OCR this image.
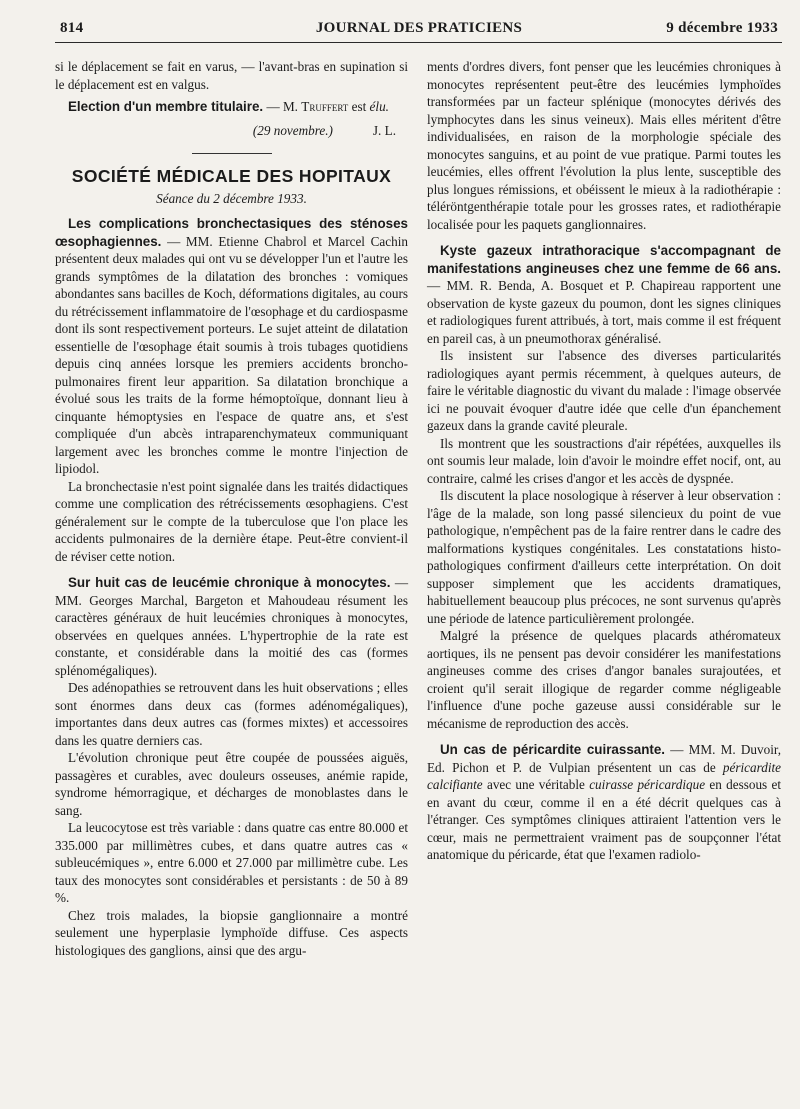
814	JOURNAL DES PRATICIENS	9 décembre 1933

si le déplacement se fait en varus, — l'avant-bras en supination si le déplacement est en valgus.

Election d'un membre titulaire. — M. Truffert est élu.

(29 novembre.)	J. L.
SOCIÉTÉ MÉDICALE DES HOPITAUX
Séance du 2 décembre 1933.

Les complications bronchectasiques des sténoses œsophagiennes. — MM. Etienne Chabrol et Marcel Cachin présentent deux malades qui ont vu se développer l'un et l'autre les grands symptômes de la dilatation des bronches : vomiques abondantes sans bacilles de Koch, déformations digitales, au cours du rétrécissement inflammatoire de l'œsophage et du cardiospasme dont ils sont respectivement porteurs. Le sujet atteint de dilatation essentielle de l'œsophage était soumis à trois tubages quotidiens depuis cinq années lorsque les premiers accidents broncho-pulmonaires firent leur apparition. Sa dilatation bronchique a évolué sous les traits de la forme hémoptoïque, donnant lieu à cinquante hémoptysies en l'espace de quatre ans, et s'est compliquée d'un abcès intraparenchymateux communiquant largement avec les bronches comme le montre l'injection de lipiodol.

La bronchectasie n'est point signalée dans les traités didactiques comme une complication des rétrécissements œsophagiens. C'est généralement sur le compte de la tuberculose que l'on place les accidents pulmonaires de la dernière étape. Peut-être convient-il de réviser cette notion.

Sur huit cas de leucémie chronique à monocytes. — MM. Georges Marchal, Bargeton et Mahoudeau résument les caractères généraux de huit leucémies chroniques à monocytes, observées en quelques années. L'hypertrophie de la rate est constante, et considérable dans la moitié des cas (formes splénomégaliques).

Des adénopathies se retrouvent dans les huit observations ; elles sont énormes dans deux cas (formes adénomégaliques), importantes dans deux autres cas (formes mixtes) et accessoires dans les quatre derniers cas.

L'évolution chronique peut être coupée de poussées aiguës, passagères et curables, avec douleurs osseuses, anémie rapide, syndrome hémorragique, et décharges de monoblastes dans le sang.

La leucocytose est très variable : dans quatre cas entre 80.000 et 335.000 par millimètres cubes, et dans quatre autres cas « subleucémiques », entre 6.000 et 27.000 par millimètre cube. Les taux des monocytes sont considérables et persistants : de 50 à 89 %.

Chez trois malades, la biopsie ganglionnaire a montré seulement une hyperplasie lymphoïde diffuse. Ces aspects histologiques des ganglions, ainsi que des argu-

ments d'ordres divers, font penser que les leucémies chroniques à monocytes représentent peut-être des leucémies lymphoïdes transformées par un facteur splénique (monocytes dérivés des lymphocytes dans les sinus veineux). Mais elles méritent d'être individualisées, en raison de la morphologie spéciale des monocytes sanguins, et au point de vue pratique. Parmi toutes les leucémies, elles offrent l'évolution la plus lente, susceptible des plus longues rémissions, et obéissent le mieux à la radiothérapie : téléröntgenthérapie totale pour les grosses rates, et radiothérapie localisée pour les paquets ganglionnaires.

Kyste gazeux intrathoracique s'accompagnant de manifestations angineuses chez une femme de 66 ans. — MM. R. Benda, A. Bosquet et P. Chapireau rapportent une observation de kyste gazeux du poumon, dont les signes cliniques et radiologiques furent attribués, à tort, mais comme il est fréquent en pareil cas, à un pneumothorax généralisé.

Ils insistent sur l'absence des diverses particularités radiologiques ayant permis récemment, à quelques auteurs, de faire le véritable diagnostic du vivant du malade : l'image observée ici ne pouvait évoquer d'autre idée que celle d'un épanchement gazeux dans la grande cavité pleurale.

Ils montrent que les soustractions d'air répétées, auxquelles ils ont soumis leur malade, loin d'avoir le moindre effet nocif, ont, au contraire, calmé les crises d'angor et les accès de dyspnée.

Ils discutent la place nosologique à réserver à leur observation : l'âge de la malade, son long passé silencieux du point de vue pathologique, n'empêchent pas de la faire rentrer dans le cadre des malformations kystiques congénitales. Les constatations histo-pathologiques confirment d'ailleurs cette interprétation. On doit supposer simplement que les accidents dramatiques, habituellement beaucoup plus précoces, ne sont survenus qu'après une période de latence particulièrement prolongée.

Malgré la présence de quelques placards athéromateux aortiques, ils ne pensent pas devoir considérer les manifestations angineuses comme des crises d'angor banales surajoutées, et croient qu'il serait illogique de regarder comme négligeable l'influence d'une poche gazeuse aussi considérable sur le mécanisme de reproduction des accès.

Un cas de péricardite cuirassante. — MM. M. Duvoir, Ed. Pichon et P. de Vulpian présentent un cas de péricardite calcifiante avec une véritable cuirasse péricardique en dessous et en avant du cœur, comme il en a été décrit quelques cas à l'étranger. Ces symptômes cliniques attiraient l'attention vers le cœur, mais ne permettraient vraiment pas de soupçonner l'état anatomique du péricarde, état que l'examen radiolo-
